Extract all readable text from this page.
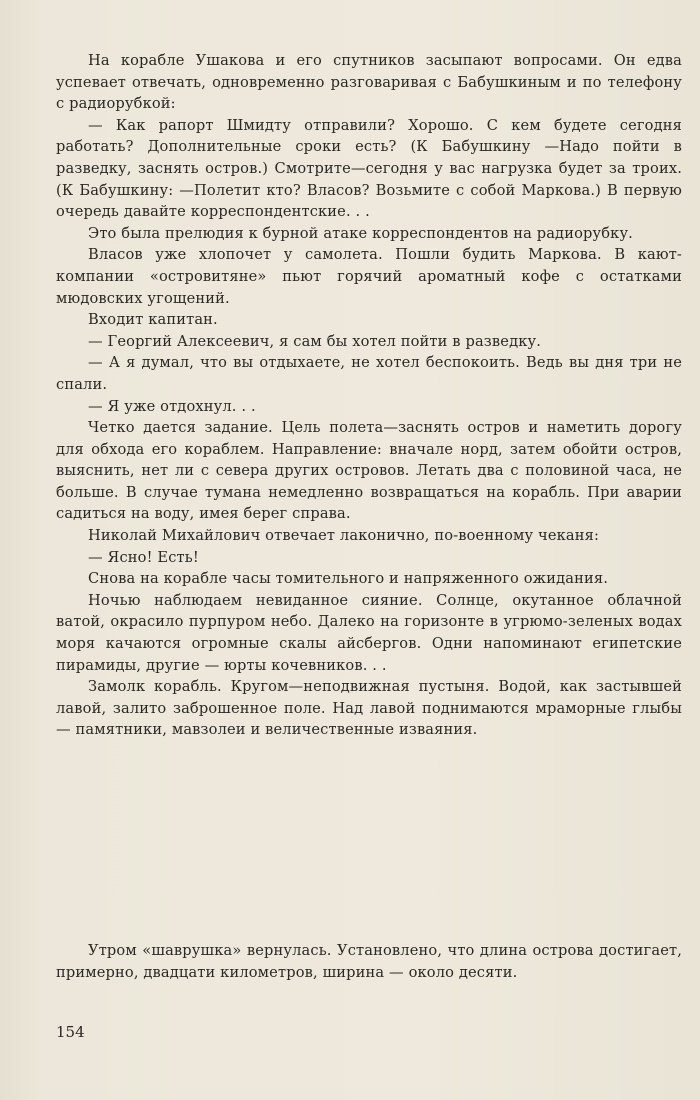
На корабле Ушакова и его спутников засыпают вопросами. Он едва успевает отвечать, одновременно разговаривая с Бабушкиным и по телефону с радиорубкой:

— Как рапорт Шмидту отправили? Хорошо. С кем будете сегодня работать? Дополнительные сроки есть? (К Бабушкину —Надо пойти в разведку, заснять остров.) Смотрите—сегодня у вас нагрузка будет за троих. (К Бабушкину: —Полетит кто? Власов? Возьмите с собой Маркова.) В первую очередь давайте корреспондентские. . .

Это была прелюдия к бурной атаке корреспондентов на радиорубку.

Власов уже хлопочет у самолета. Пошли будить Маркова. В кают-компании «островитяне» пьют горячий ароматный кофе с остатками мюдовских угощений.

Входит капитан.

— Георгий Алексеевич, я сам бы хотел пойти в разведку.

— А я думал, что вы отдыхаете, не хотел беспокоить. Ведь вы дня три не спали.

— Я уже отдохнул. . .

Четко дается задание. Цель полета—заснять остров и наметить дорогу для обхода его кораблем. Направление: вначале норд, затем обойти остров, выяснить, нет ли с севера других островов. Летать два с половиной часа, не больше. В случае тумана немедленно возвращаться на корабль. При аварии садиться на воду, имея берег справа.

Николай Михайлович отвечает лаконично, по-военному чеканя:

— Ясно! Есть!

Снова на корабле часы томительного и напряженного ожидания.

Ночью наблюдаем невиданное сияние. Солнце, окутанное облачной ватой, окрасило пурпуром небо. Далеко на горизонте в угрюмо-зеленых водах моря качаются огромные скалы айсбергов. Одни напоминают египетские пирамиды, другие — юрты кочевников. . .

Замолк корабль. Кругом—неподвижная пустыня. Водой, как застывшей лавой, залито заброшенное поле. Над лавой поднимаются мраморные глыбы — памятники, мавзолеи и величественные изваяния.

Утром «шаврушка» вернулась. Установлено, что длина острова достигает, примерно, двадцати километров, ширина — около десяти.

154
